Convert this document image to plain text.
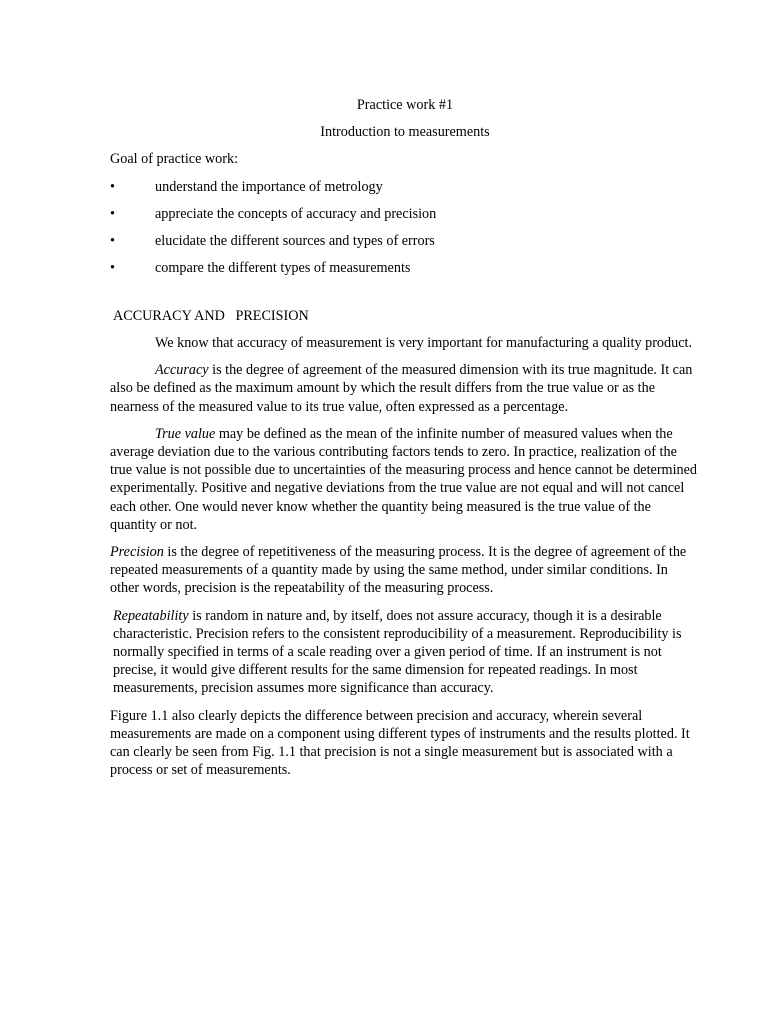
Practice work #1

Introduction to measurements

Goal of practice work:

•	understand the importance of metrology
•	appreciate the concepts of accuracy and precision
•	elucidate the different sources and types of errors
•	compare the different types of measurements

ACCURACY AND   PRECISION

We know that accuracy of measurement is very important for manufacturing a quality product.

Accuracy is the degree of agreement of the measured dimension with its true magnitude. It can also be defined as the maximum amount by which the result differs from the true value or as the nearness of the measured value to its true value, often expressed as a percentage.

True value may be defined as the mean of the infinite number of measured values when the average deviation due to the various contributing factors tends to zero. In practice, realization of the true value is not possible due to uncertainties of the measuring process and hence cannot be determined experimentally. Positive and negative deviations from the true value are not equal and will not cancel each other. One would never know whether the quantity being measured is the true value of the quantity or not.

Precision is the degree of repetitiveness of the measuring process. It is the degree of agreement of the repeated measurements of a quantity made by using the same method, under similar conditions. In other words, precision is the repeatability of the measuring process.

Repeatability is random in nature and, by itself, does not assure accuracy, though it is a desirable characteristic. Precision refers to the consistent reproducibility of a measurement. Reproducibility is normally specified in terms of a scale reading over a given period of time. If an instrument is not precise, it would give different results for the same dimension for repeated readings. In most measurements, precision assumes more significance than accuracy.

Figure 1.1 also clearly depicts the difference between precision and accuracy, wherein several measurements are made on a component using different types of instruments and the results plotted. It can clearly be seen from Fig. 1.1 that precision is not a single measurement but is associated with a process or set of measurements.
